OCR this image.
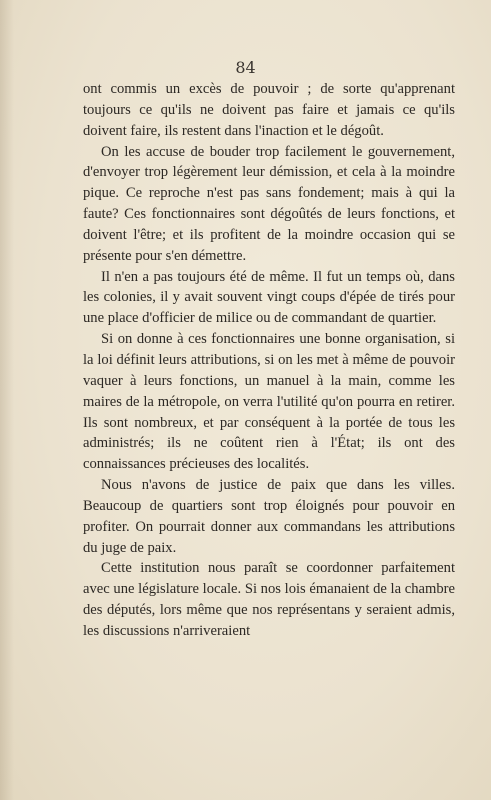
84

ont commis un excès de pouvoir ; de sorte qu'apprenant toujours ce qu'ils ne doivent pas faire et jamais ce qu'ils doivent faire, ils restent dans l'inaction et le dégoût.

On les accuse de bouder trop facilement le gouvernement, d'envoyer trop légèrement leur démission, et cela à la moindre pique. Ce reproche n'est pas sans fondement; mais à qui la faute? Ces fonctionnaires sont dégoûtés de leurs fonctions, et doivent l'être; et ils profitent de la moindre occasion qui se présente pour s'en démettre.

Il n'en a pas toujours été de même. Il fut un temps où, dans les colonies, il y avait souvent vingt coups d'épée de tirés pour une place d'officier de milice ou de commandant de quartier.

Si on donne à ces fonctionnaires une bonne organisation, si la loi définit leurs attributions, si on les met à même de pouvoir vaquer à leurs fonctions, un manuel à la main, comme les maires de la métropole, on verra l'utilité qu'on pourra en retirer. Ils sont nombreux, et par conséquent à la portée de tous les administrés; ils ne coûtent rien à l'État; ils ont des connaissances précieuses des localités.

Nous n'avons de justice de paix que dans les villes. Beaucoup de quartiers sont trop éloignés pour pouvoir en profiter. On pourrait donner aux commandans les attributions du juge de paix.

Cette institution nous paraît se coordonner parfaitement avec une législature locale. Si nos lois émanaient de la chambre des députés, lors même que nos représentans y seraient admis, les discussions n'arriveraient
